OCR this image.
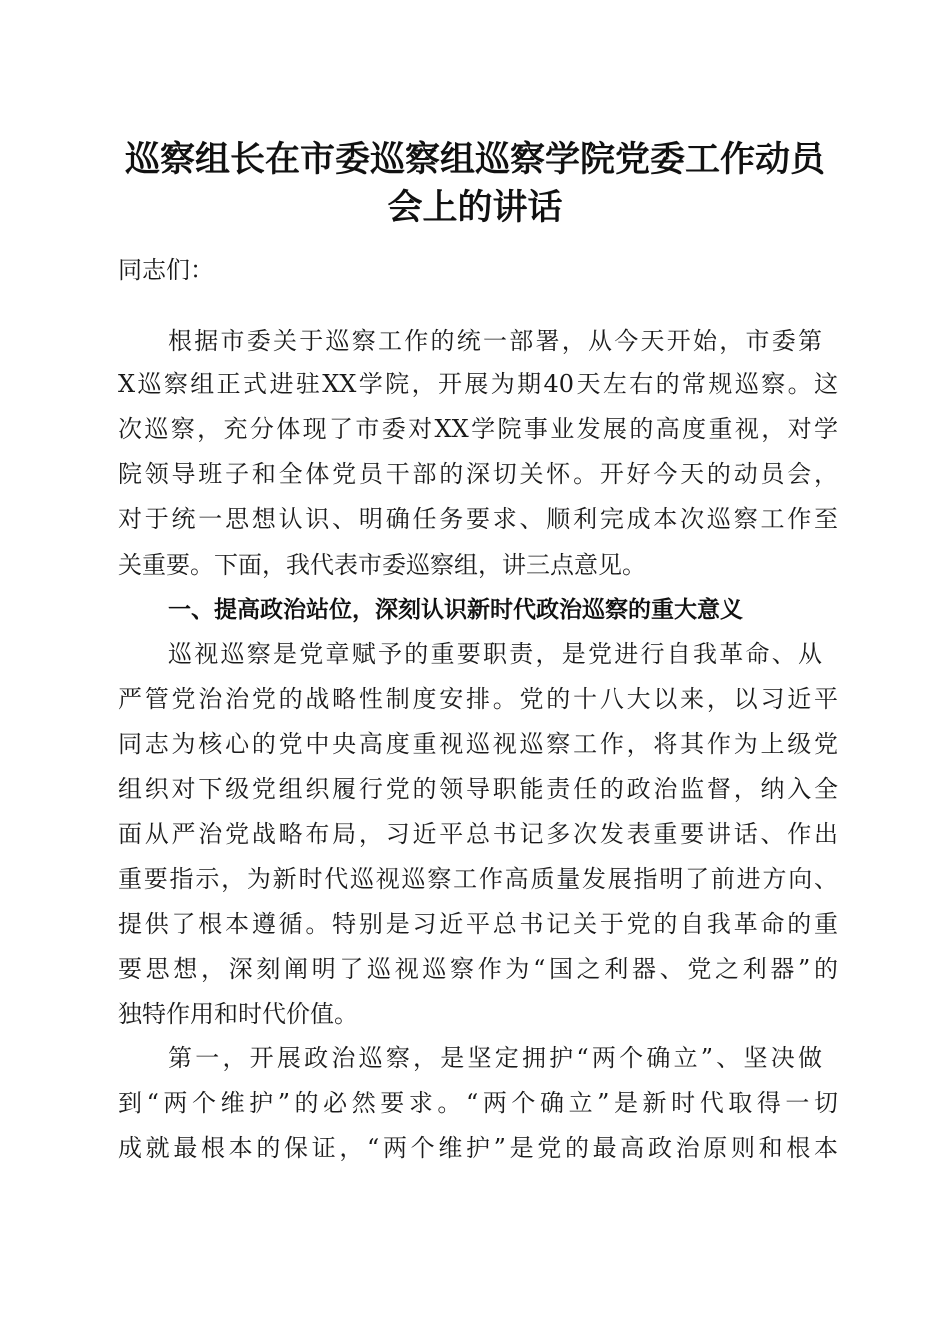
巡察组长在市委巡察组巡察学院党委工作动员
会上的讲话
同志们：
根据市委关于巡察工作的统一部署，从今天开始，市委第
X巡察组正式进驻XX学院，开展为期40天左右的常规巡察。这
次巡察，充分体现了市委对XX学院事业发展的高度重视，对学
院领导班子和全体党员干部的深切关怀。开好今天的动员会，
对于统一思想认识、明确任务要求、顺利完成本次巡察工作至
关重要。下面，我代表市委巡察组，讲三点意见。
一、提高政治站位，深刻认识新时代政治巡察的重大意义
巡视巡察是党章赋予的重要职责，是党进行自我革命、从
严管党治治党的战略性制度安排。党的十八大以来，以习近平
同志为核心的党中央高度重视巡视巡察工作，将其作为上级党
组织对下级党组织履行党的领导职能责任的政治监督，纳入全
面从严治党战略布局，习近平总书记多次发表重要讲话、作出
重要指示，为新时代巡视巡察工作高质量发展指明了前进方向、
提供了根本遵循。特别是习近平总书记关于党的自我革命的重
要思想，深刻阐明了巡视巡察作为“国之利器、党之利器”的
独特作用和时代价值。
第一，开展政治巡察，是坚定拥护“两个确立”、坚决做
到“两个维护”的必然要求。“两个确立”是新时代取得一切
成就最根本的保证，“两个维护”是党的最高政治原则和根本
